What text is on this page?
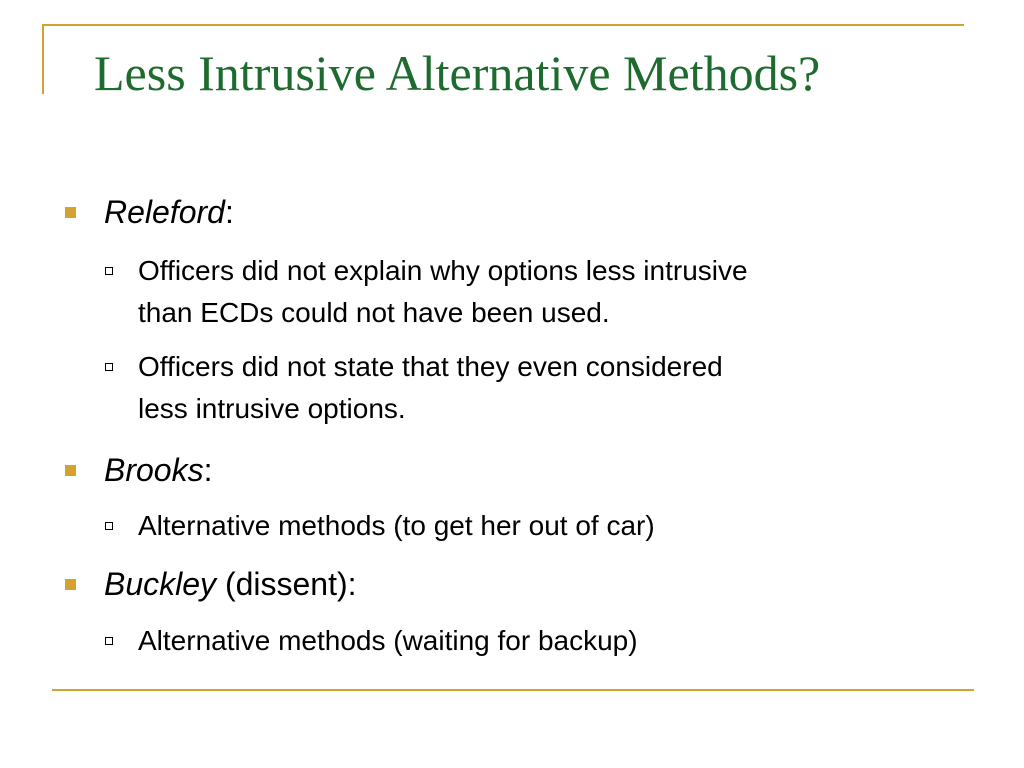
Less Intrusive Alternative Methods?
Releford:
Officers did not explain why options less intrusive
than ECDs could not have been used.
Officers did not state that they even considered
less intrusive options.
Brooks:
Alternative methods (to get her out of car)
Buckley (dissent):
Alternative methods (waiting for backup)
